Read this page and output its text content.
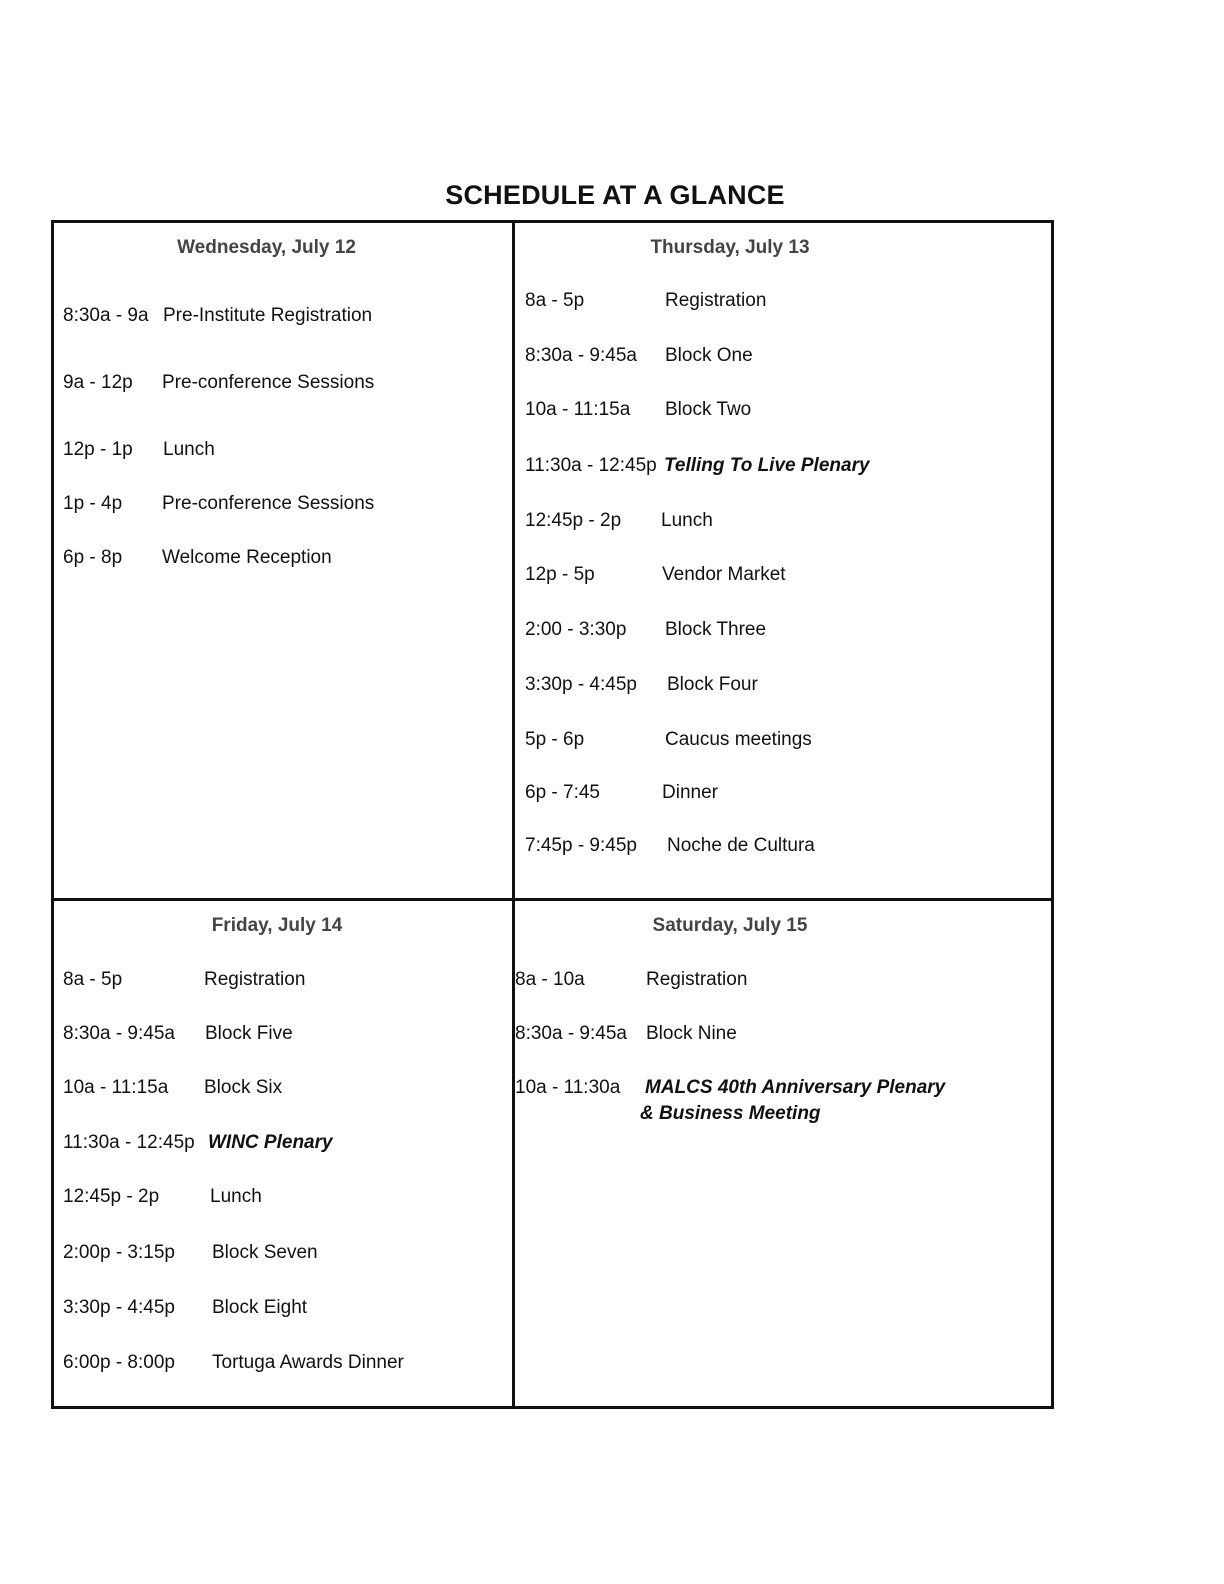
SCHEDULE AT A GLANCE
Wednesday, July 12
8:30a - 9a Pre-Institute Registration
9a - 12p Pre-conference Sessions
12p - 1p Lunch
1p - 4p Pre-conference Sessions
6p - 8p Welcome Reception
Thursday, July 13
8a - 5p	Registration
8:30a - 9:45a Block One
10a - 11:15a Block Two
11:30a - 12:45p Telling To Live Plenary
12:45p - 2p Lunch
12p - 5p	Vendor Market
2:00 - 3:30p Block Three
3:30p - 4:45p Block Four
5p - 6p	Caucus meetings
6p - 7:45	Dinner
7:45p - 9:45p Noche de Cultura
Friday, July 14
8a - 5p	Registration
8:30a - 9:45a Block Five
10a - 11:15a Block Six
11:30a - 12:45p WINC Plenary
12:45p - 2p	Lunch
2:00p - 3:15p Block Seven
3:30p - 4:45p Block Eight
6:00p - 8:00p Tortuga Awards Dinner
Saturday, July 15
8a - 10a	Registration
8:30a - 9:45a Block Nine
10a - 11:30a MALCS 40th Anniversary Plenary
& Business Meeting
